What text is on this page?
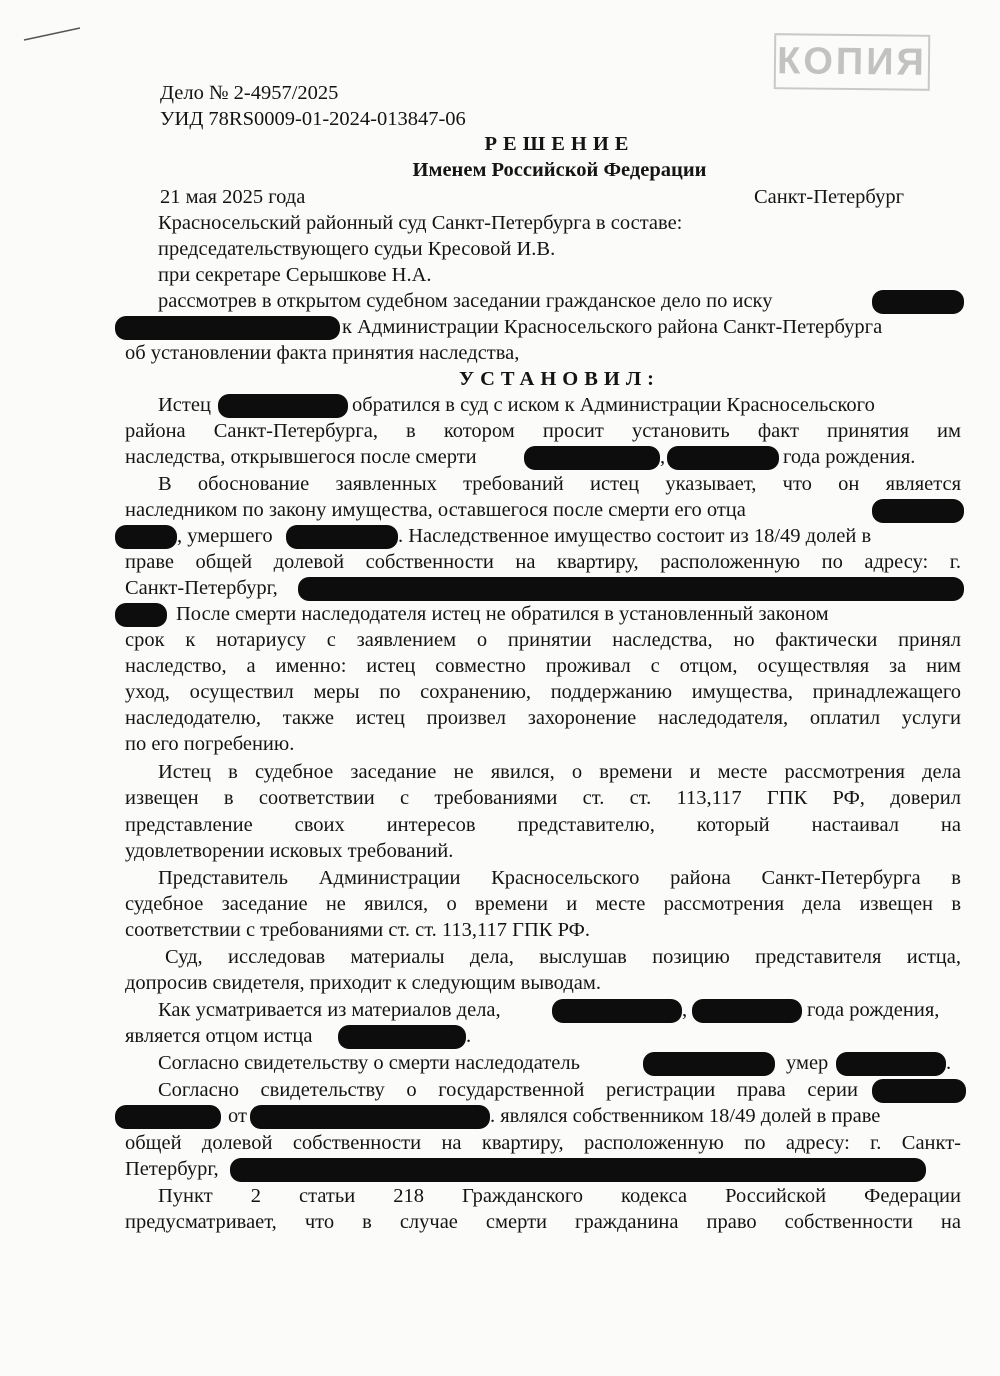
КОПИЯ
Дело № 2-4957/2025
УИД 78RS0009-01-2024-013847-06
РЕШЕНИЕ
Именем Российской Федерации
21 мая 2025 года	Санкт-Петербург
Красносельский районный суд Санкт-Петербурга в составе:
председательствующего судьи Кресовой И.В.
при секретаре Серышкове Н.А.
рассмотрев в открытом судебном заседании гражданское дело по иску
к Администрации Красносельского района Санкт-Петербурга
об установлении факта принятия наследства,
УСТАНОВИЛ:
Истец	обратился в суд с иском к Администрации Красносельского
района Санкт-Петербурга, в котором просит установить факт принятия им
наследства, открывшегося после смерти	,	года рождения.
В обоснование заявленных требований истец указывает, что он является
наследником по закону имущества, оставшегося после смерти его отца
, умершего	. Наследственное имущество состоит из 18/49 долей в
праве общей долевой собственности на квартиру, расположенную по адресу: г.
Санкт-Петербург,
После смерти наследодателя истец не обратился в установленный законом
срок к нотариусу с заявлением о принятии наследства, но фактически принял
наследство, а именно: истец совместно проживал с отцом, осуществляя за ним
уход, осуществил меры по сохранению, поддержанию имущества, принадлежащего
наследодателю, также истец произвел захоронение наследодателя, оплатил услуги
по его погребению.
Истец в судебное заседание не явился, о времени и месте рассмотрения дела
извещен в соответствии с требованиями ст. ст. 113,117 ГПК РФ, доверил
представление своих интересов представителю, который настаивал на
удовлетворении исковых требований.
Представитель Администрации Красносельского района Санкт-Петербурга в
судебное заседание не явился, о времени и месте рассмотрения дела извещен в
соответствии с требованиями ст. ст. 113,117 ГПК РФ.
Суд, исследовав материалы дела, выслушав позицию представителя истца,
допросив свидетеля, приходит к следующим выводам.
Как усматривается из материалов дела,	,	года рождения,
является отцом истца	.
Согласно свидетельству о смерти наследодатель	умер	.
Согласно свидетельству о государственной регистрации права серии
от	. являлся собственником 18/49 долей в праве
общей долевой собственности на квартиру, расположенную по адресу: г. Санкт-
Петербург,
Пункт 2 статьи 218 Гражданского кодекса Российской Федерации
предусматривает, что в случае смерти гражданина право собственности на
